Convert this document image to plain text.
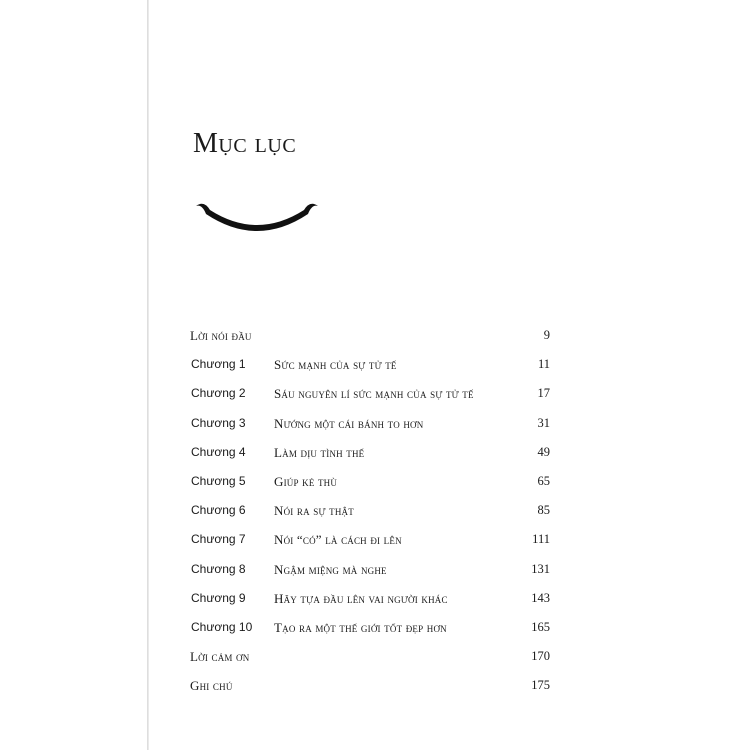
Mục lục
Lời nói đầu	9
Chương 1 Sức mạnh của sự tử tế	11
Chương 2 Sáu nguyên lí sức mạnh của sự tử tế	17
Chương 3 Nướng một cái bánh to hơn	31
Chương 4 Làm dịu tình thế	49
Chương 5 Giúp kẻ thù	65
Chương 6 Nói ra sự thật	85
Chương 7 Nói “có” là cách đi lên	111
Chương 8 Ngậm miệng mà nghe	131
Chương 9 Hãy tựa đầu lên vai người khác	143
Chương 10 Tạo ra một thế giới tốt đẹp hơn	165
Lời cảm ơn	170
Ghi chú	175
